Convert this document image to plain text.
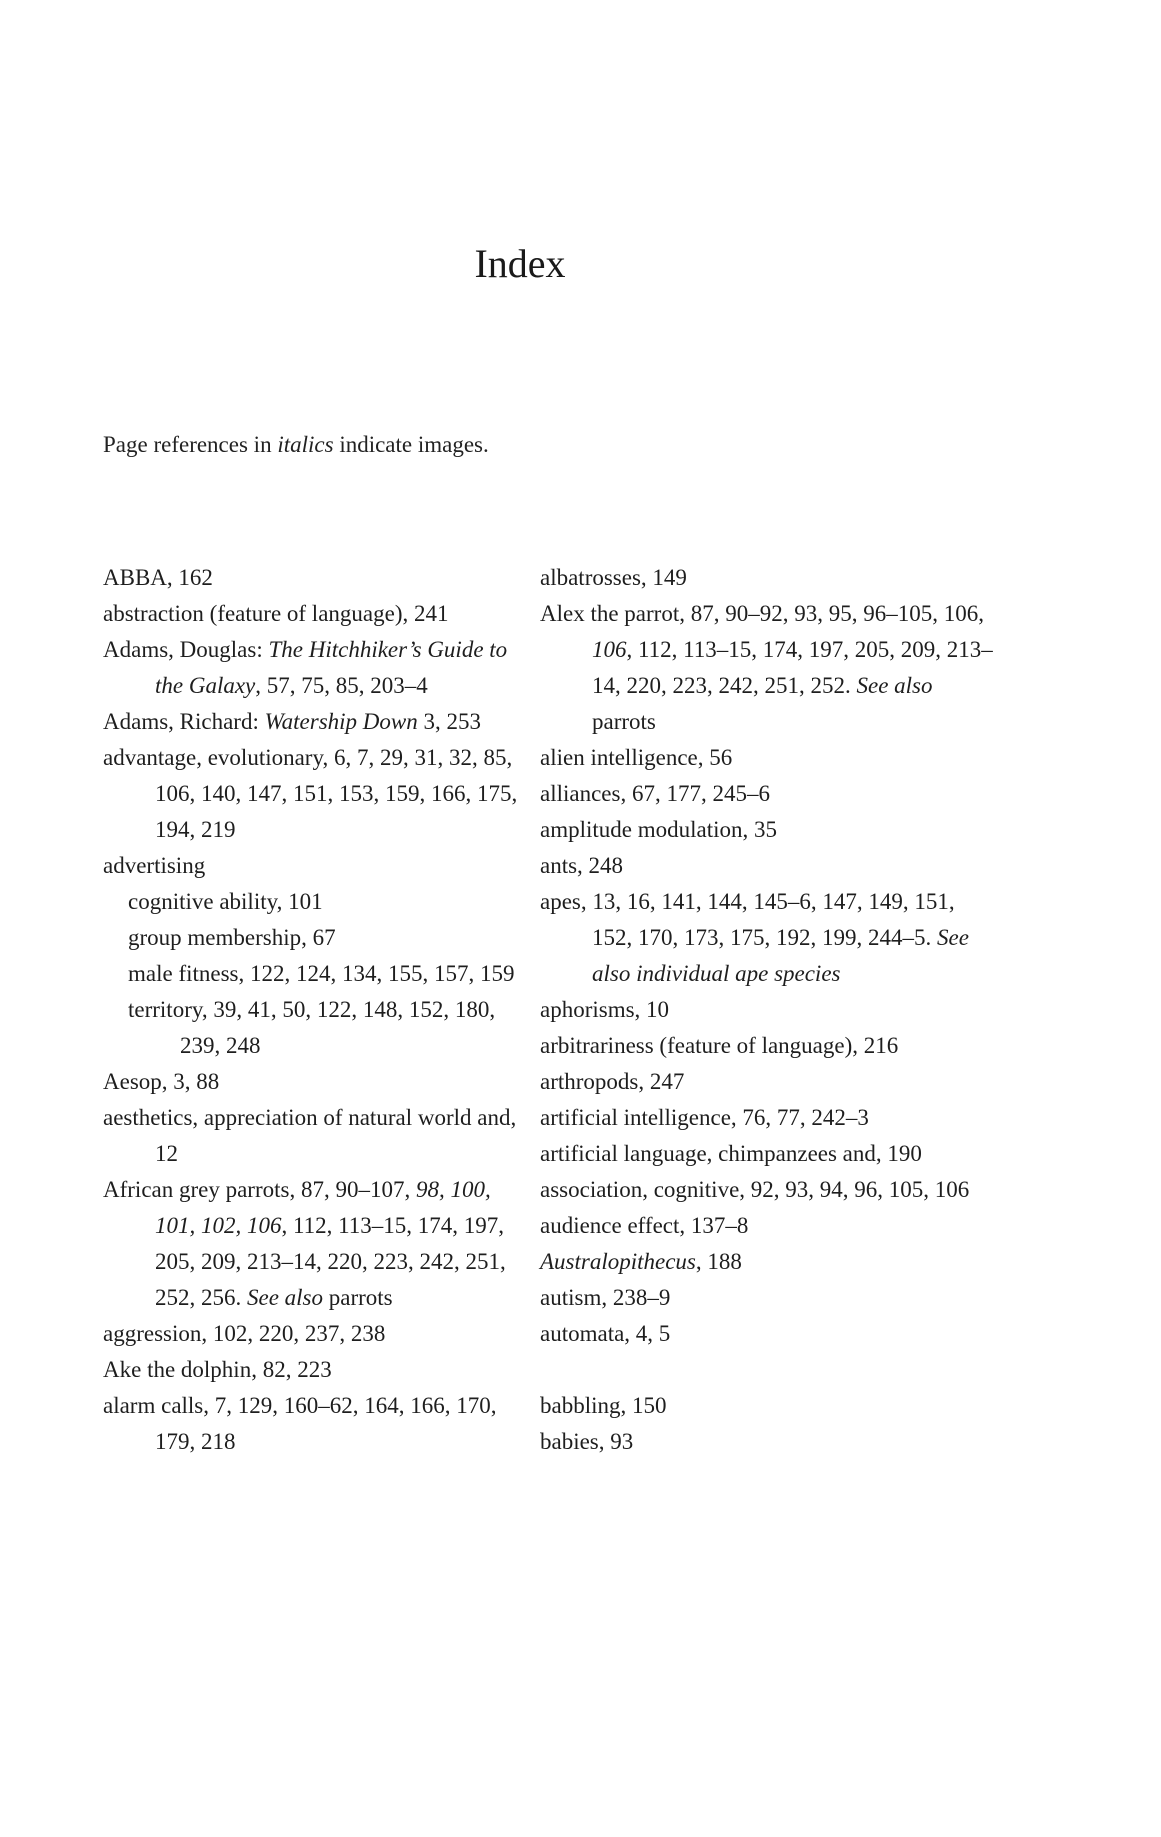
Index

Page references in italics indicate images.

ABBA, 162

abstraction (feature of language), 241

Adams, Douglas: The Hitchhiker’s Guide to the Galaxy, 57, 75, 85, 203–4

Adams, Richard: Watership Down 3, 253

advantage, evolutionary, 6, 7, 29, 31, 32, 85, 106, 140, 147, 151, 153, 159, 166, 175, 194, 219

advertising

cognitive ability, 101

group membership, 67

male fitness, 122, 124, 134, 155, 157, 159

territory, 39, 41, 50, 122, 148, 152, 180, 239, 248

Aesop, 3, 88

aesthetics, appreciation of natural world and, 12

African grey parrots, 87, 90–107, 98, 100, 101, 102, 106, 112, 113–15, 174, 197, 205, 209, 213–14, 220, 223, 242, 251, 252, 256. See also parrots

aggression, 102, 220, 237, 238

Ake the dolphin, 82, 223

alarm calls, 7, 129, 160–62, 164, 166, 170, 179, 218

albatrosses, 149

Alex the parrot, 87, 90–92, 93, 95, 96–105, 106, 106, 112, 113–15, 174, 197, 205, 209, 213–14, 220, 223, 242, 251, 252. See also parrots

alien intelligence, 56

alliances, 67, 177, 245–6

amplitude modulation, 35

ants, 248

apes, 13, 16, 141, 144, 145–6, 147, 149, 151, 152, 170, 173, 175, 192, 199, 244–5. See also individual ape species

aphorisms, 10

arbitrariness (feature of language), 216

arthropods, 247

artificial intelligence, 76, 77, 242–3

artificial language, chimpanzees and, 190

association, cognitive, 92, 93, 94, 96, 105, 106

audience effect, 137–8

Australopithecus, 188

autism, 238–9

automata, 4, 5

babbling, 150

babies, 93
